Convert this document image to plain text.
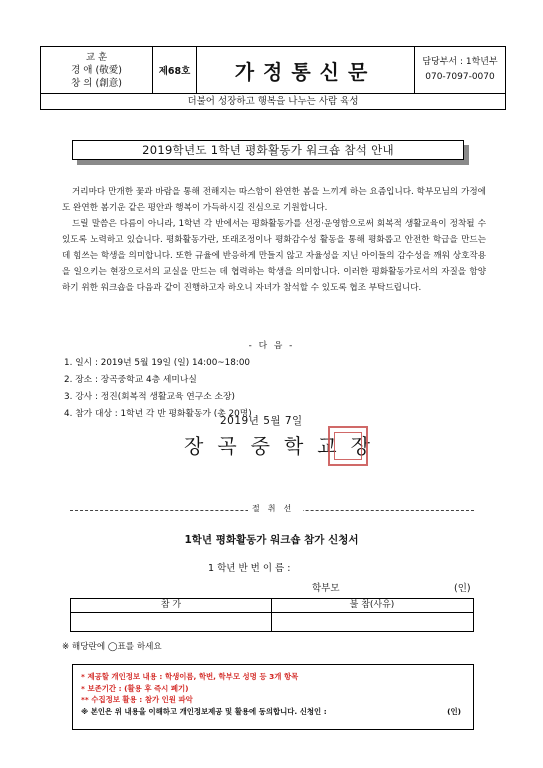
교 훈
경 애 (敬愛)
창 의 (創意)
제68호	가정통신문	담당부서 : 1학년부
070-7097-0070
더불어 성장하고 행복을 나누는 사람 육성
2019학년도 1학년 평화활동가 워크숍 참석 안내

거리마다 만개한 꽃과 바람을 통해 전해지는 따스함이 완연한 봄을 느끼게 하는 요즘입니다. 학부모님의 가정에도 완연한 봄기운 같은 평안과 행복이 가득하시길 진심으로 기원합니다.

드릴 말씀은 다름이 아니라, 1학년 각 반에서는 평화활동가를 선정·운영함으로써 회복적 생활교육이 정착될 수 있도록 노력하고 있습니다. 평화활동가란, 또래조정이나 평화감수성 활동을 통해 평화롭고 안전한 학급을 만드는 데 힘쓰는 학생을 의미합니다. 또한 규율에 반응하게 만들지 않고 자율성을 지닌 아이들의 감수성을 깨워 상호작용을 일으키는 현장으로서의 교실을 만드는 데 협력하는 학생을 의미합니다. 이러한 평화활동가로서의 자질을 함양하기 위한 워크숍을 다음과 같이 진행하고자 하오니 자녀가 참석할 수 있도록 협조 부탁드립니다.

- 다 음 -
1. 일시 : 2019년 5월 19일 (일) 14:00~18:00
2. 장소 : 장곡중학교 4층 세미나실
3. 강사 : 정진(회복적 생활교육 연구소 소장)
4. 참가 대상 : 1학년 각 반 평화활동가 (총 20명)
2019년 5월 7일
장곡중학교장
절취선
1학년 평화활동가 워크숍 참가 신청서
1 학년 반 번 이 름 :
학부모	(인)
참 가	불 참(사유)
※ 해당란에 ◯표를 하세요
* 제공할 개인정보 내용 : 학생이름, 학번, 학부모 성명 등 3개 항목
* 보존기간 : (활용 후 즉시 폐기)
** 수집정보 활용 : 참가 인원 파악
※ 본인은 위 내용을 이해하고 개인정보제공 및 활용에 동의합니다. 신청인 :	(인)
